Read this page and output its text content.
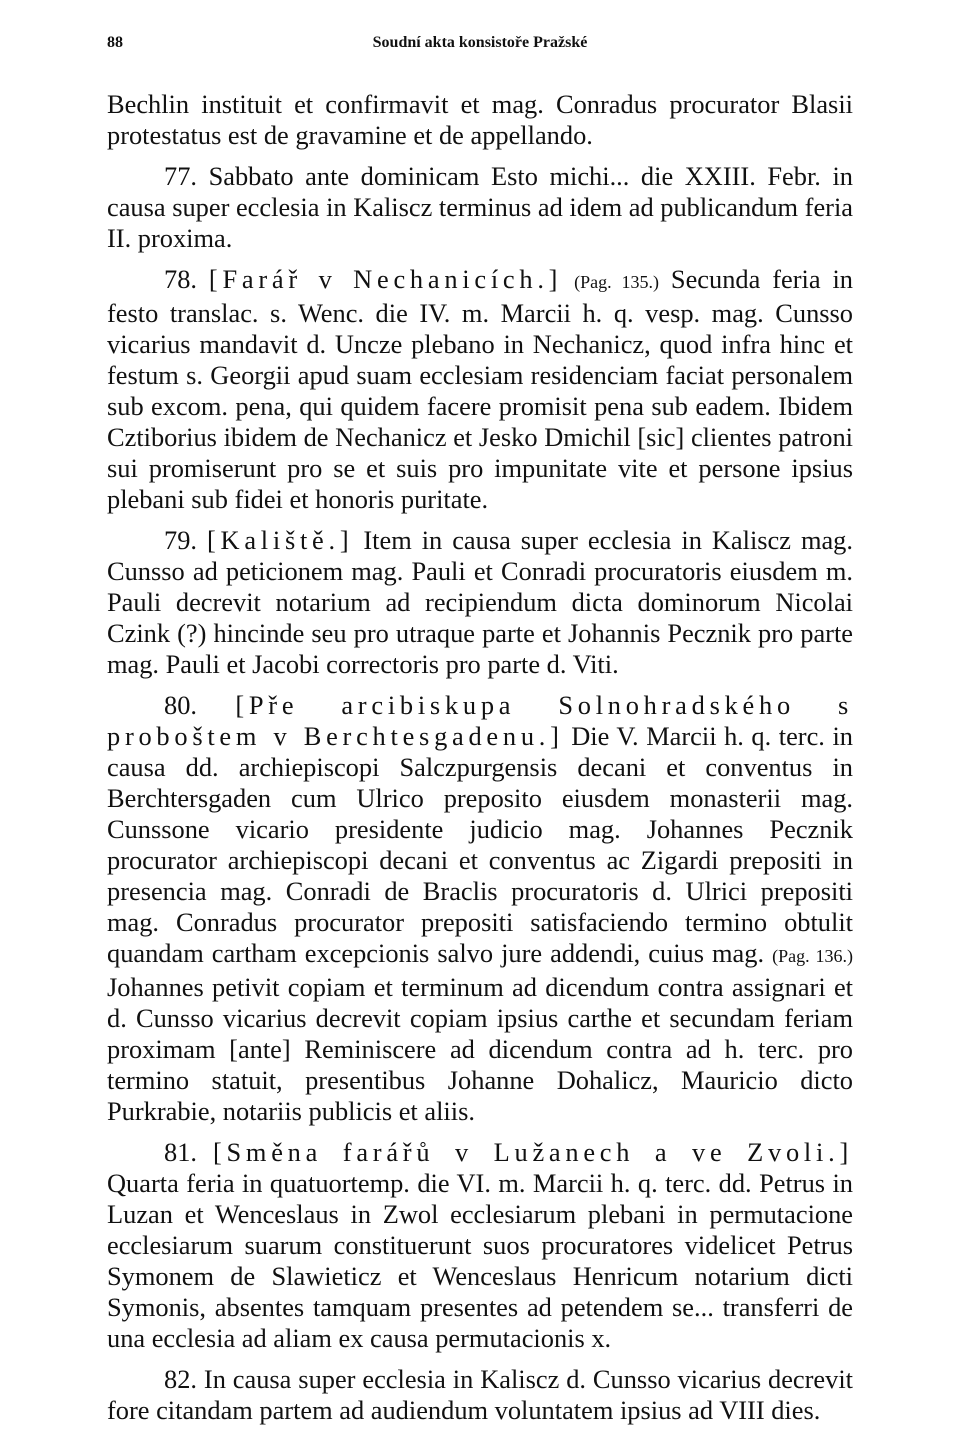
88	Soudní akta konsistoře Pražské

Bechlin instituit et confirmavit et mag. Conradus procurator Blasii protestatus est de gravamine et de appellando.

77. Sabbato ante dominicam Esto michi... die XXIII. Febr. in causa super ecclesia in Kaliscz terminus ad idem ad publicandum feria II. proxima.

78. [Farář v Nechanicích.] (Pag. 135.) Secunda feria in festo translac. s. Wenc. die IV. m. Marcii h. q. vesp. mag. Cunsso vicarius mandavit d. Uncze plebano in Nechanicz, quod infra hinc et festum s. Georgii apud suam ecclesiam residenciam faciat personalem sub excom. pena, qui quidem facere promisit pena sub eadem. Ibidem Cztiborius ibidem de Nechanicz et Jesko Dmichil [sic] clientes patroni sui promiserunt pro se et suis pro impunitate vite et persone ipsius plebani sub fidei et honoris puritate.

79. [Kaliště.] Item in causa super ecclesia in Kaliscz mag. Cunsso ad peticionem mag. Pauli et Conradi procuratoris eiusdem m. Pauli decrevit notarium ad recipiendum dicta dominorum Nicolai Czink (?) hincinde seu pro utraque parte et Johannis Pecznik pro parte mag. Pauli et Jacobi correctoris pro parte d. Viti.

80. [Pře arcibiskupa Solnohradského s proboštem v Berchtesgadenu.] Die V. Marcii h. q. terc. in causa dd. archiepiscopi Salczpurgensis decani et conventus in Berchtersgaden cum Ulrico preposito eiusdem monasterii mag. Cunssone vicario presidente judicio mag. Johannes Pecznik procurator archiepiscopi decani et conventus ac Zigardi prepositi in presencia mag. Conradi de Braclis procuratoris d. Ulrici prepositi mag. Conradus procurator prepositi satisfaciendo termino obtulit quandam cartham excepcionis salvo jure addendi, cuius mag. (Pag. 136.) Johannes petivit copiam et terminum ad dicendum contra assignari et d. Cunsso vicarius decrevit copiam ipsius carthe et secundam feriam proximam [ante] Reminiscere ad dicendum contra ad h. terc. pro termino statuit, presentibus Johanne Dohalicz, Mauricio dicto Purkrabie, notariis publicis et aliis.

81. [Směna farářů v Lužanech a ve Zvoli.] Quarta feria in quatuortemp. die VI. m. Marcii h. q. terc. dd. Petrus in Luzan et Wenceslaus in Zwol ecclesiarum plebani in permutacione ecclesiarum suarum constituerunt suos procuratores videlicet Petrus Symonem de Slawieticz et Wenceslaus Henricum notarium dicti Symonis, absentes tamquam presentes ad petendem se... transferri de una ecclesia ad aliam ex causa permutacionis x.

82. In causa super ecclesia in Kaliscz d. Cunsso vicarius decrevit fore citandam partem ad audiendum voluntatem ipsius ad VIII dies.
